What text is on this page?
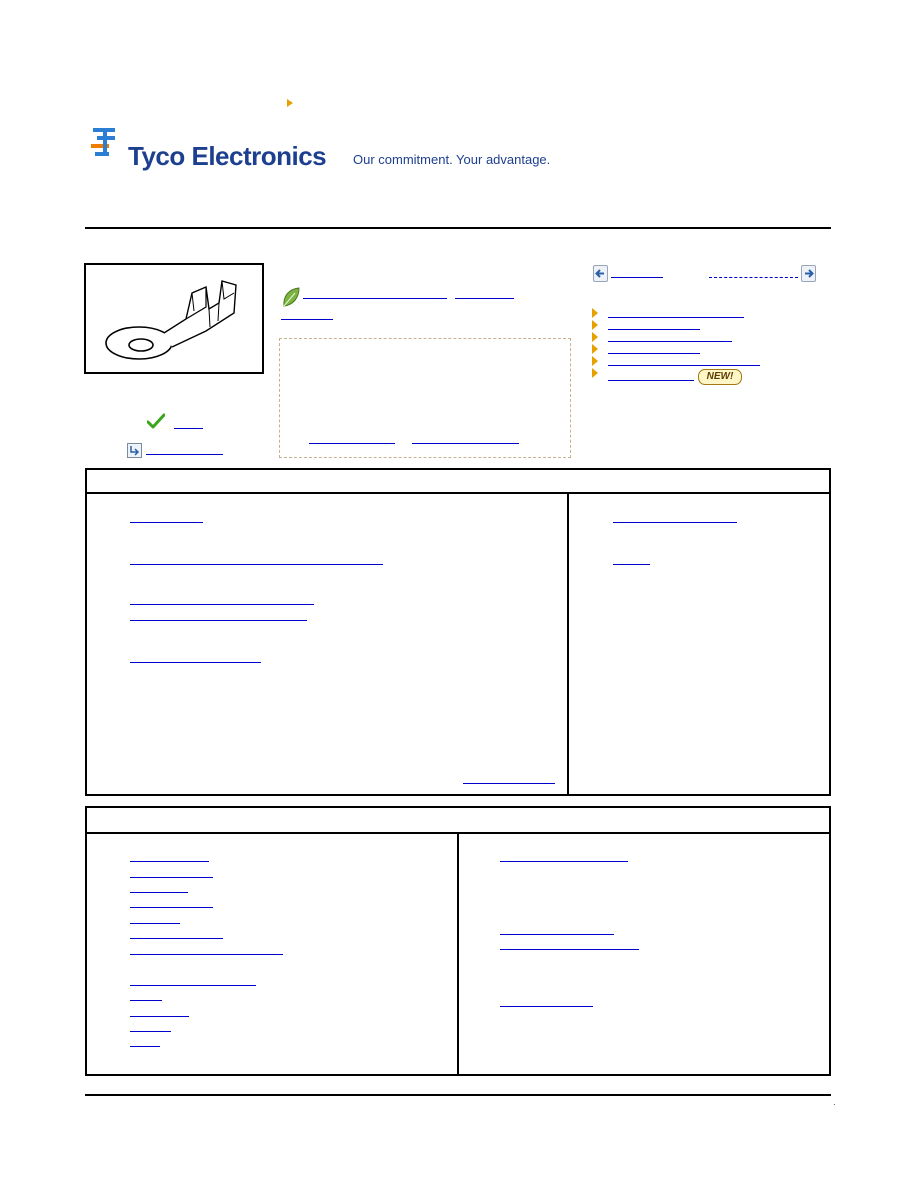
Tyco Electronics Our commitment. Your advantage.
NEW!
